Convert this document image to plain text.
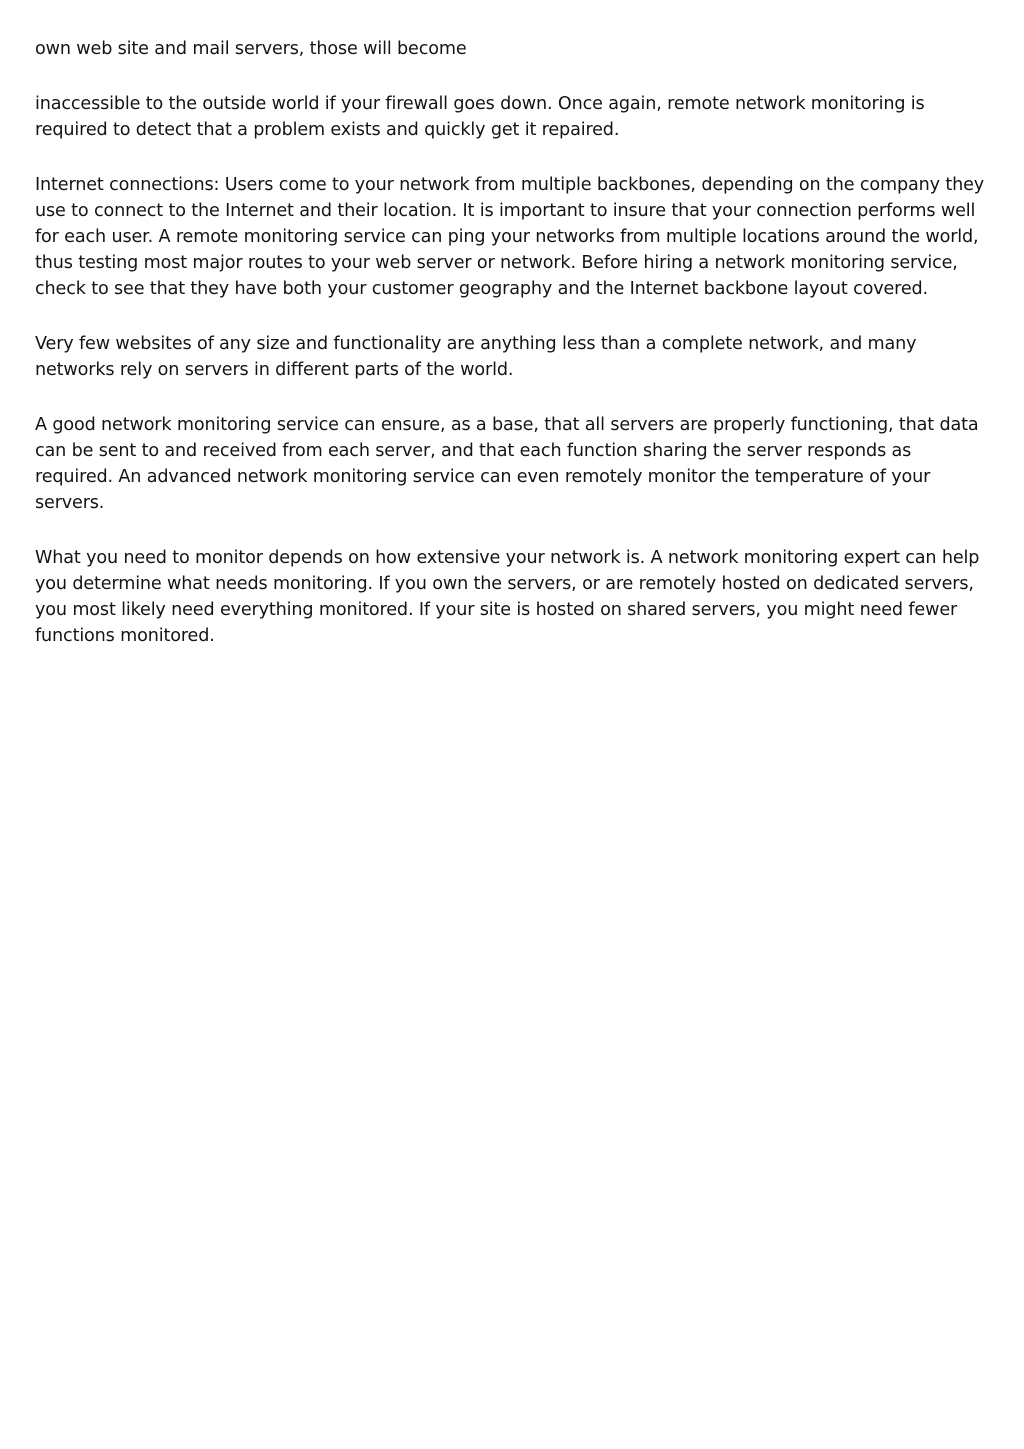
own web site and mail servers, those will become

inaccessible to the outside world if your firewall goes down. Once again, remote network monitoring is required to detect that a problem exists and quickly get it repaired.

Internet connections: Users come to your network from multiple backbones, depending on the company they use to connect to the Internet and their location. It is important to insure that your connection performs well for each user. A remote monitoring service can ping your networks from multiple locations around the world, thus testing most major routes to your web server or network. Before hiring a network monitoring service, check to see that they have both your customer geography and the Internet backbone layout covered.

Very few websites of any size and functionality are anything less than a complete network, and many networks rely on servers in different parts of the world.

A good network monitoring service can ensure, as a base, that all servers are properly functioning, that data can be sent to and received from each server, and that each function sharing the server responds as required. An advanced network monitoring service can even remotely monitor the temperature of your servers.

What you need to monitor depends on how extensive your network is. A network monitoring expert can help you determine what needs monitoring. If you own the servers, or are remotely hosted on dedicated servers, you most likely need everything monitored. If your site is hosted on shared servers, you might need fewer functions monitored.
